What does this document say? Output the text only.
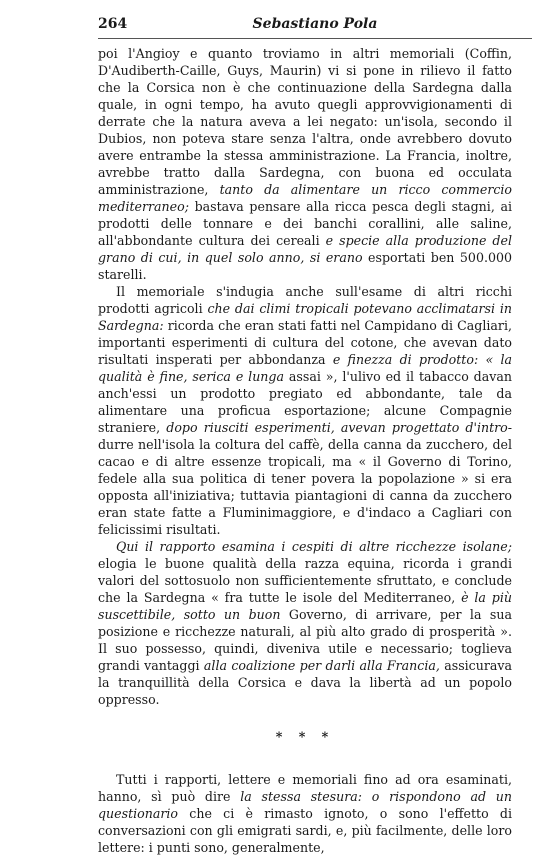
264	Sebastiano Pola

poi l'Angioy e quanto troviamo in altri memoriali (Coffin, D'Audiberth-Caille, Guys, Maurin) vi si pone in rilievo il fatto che la Corsica non è che continuazione della Sardegna dalla quale, in ogni tempo, ha avuto quegli approvvigionamenti di derrate che la natura aveva a lei negato: un'isola, secondo il Dubios, non poteva stare senza l'altra, onde avrebbero dovuto avere entrambe la stessa amministrazione. La Francia, inoltre, avrebbe tratto dalla Sardegna, con buona ed occulata amministrazione, tanto da alimentare un ricco commercio mediterraneo; bastava pensare alla ricca pesca degli stagni, ai prodotti delle tonnare e dei banchi corallini, alle saline, all'abbondante cultura dei cereali e specie alla produzione del grano di cui, in quel solo anno, si erano esportati ben 500.000 starelli.

Il memoriale s'indugia anche sull'esame di altri ricchi prodotti agricoli che dai climi tropicali potevano acclimatarsi in Sardegna: ricorda che eran stati fatti nel Campidano di Cagliari, importanti esperimenti di cultura del cotone, che avevan dato risultati insperati per abbondanza e finezza di prodotto: « la qualità è fine, serica e lunga assai », l'ulivo ed il tabacco davan anch'essi un prodotto pregiato ed abbondante, tale da alimentare una proficua esportazione; alcune Compagnie straniere, dopo riusciti esperimenti, avevan progettato d'intro-durre nell'isola la coltura del caffè, della canna da zucchero, del cacao e di altre essenze tropicali, ma « il Governo di Torino, fedele alla sua politica di tener povera la popolazione » si era opposta all'iniziativa; tuttavia piantagioni di canna da zucchero eran state fatte a Fluminimaggiore, e d'indaco a Cagliari con felicissimi risultati.

Qui il rapporto esamina i cespiti di altre ricchezze isolane; elogia le buone qualità della razza equina, ricorda i grandi valori del sottosuolo non sufficientemente sfruttato, e conclude che la Sardegna « fra tutte le isole del Mediterraneo, è la più suscettibile, sotto un buon Governo, di arrivare, per la sua posizione e ricchezze naturali, al più alto grado di prosperità ». Il suo possesso, quindi, diveniva utile e necessario; toglieva grandi vantaggi alla coalizione per darli alla Francia, assicurava la tranquillità della Corsica e dava la libertà ad un popolo oppresso.

* * *

Tutti i rapporti, lettere e memoriali fino ad ora esaminati, hanno, sì può dire la stessa stesura: o rispondono ad un questionario che ci è rimasto ignoto, o sono l'effetto di conversazioni con gli emigrati sardi, e, più facilmente, delle loro lettere: i punti sono, generalmente,
